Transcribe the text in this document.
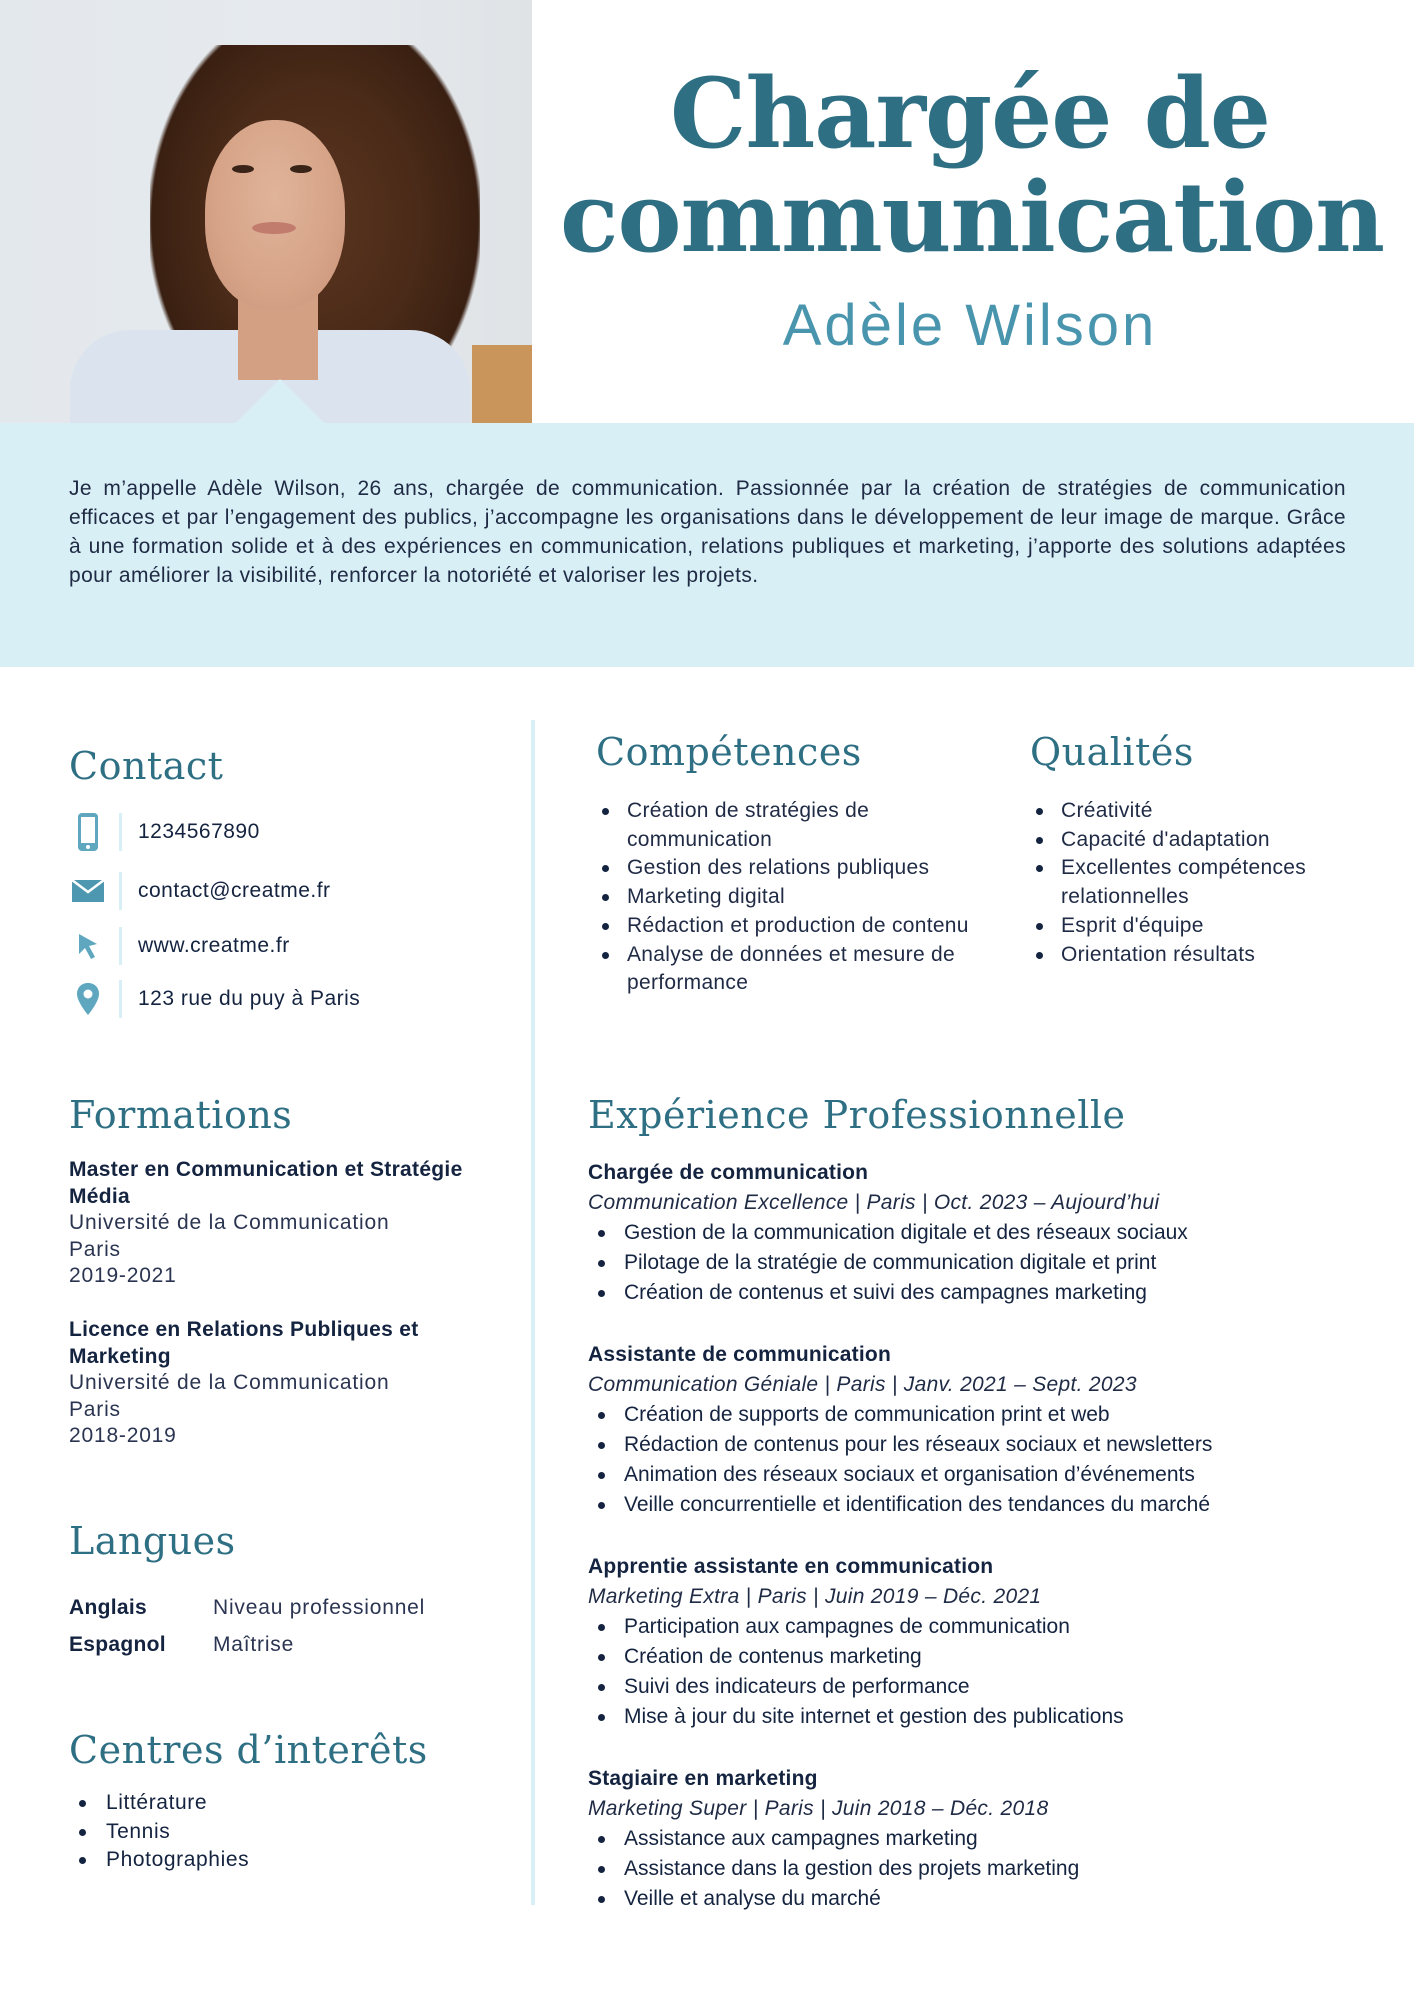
Chargée de
communication
Adèle Wilson

Je m’appelle Adèle Wilson, 26 ans, chargée de communication. Passionnée par la création de stratégies de communication efficaces et par l’engagement des publics, j’accompagne les organisations dans le développement de leur image de marque. Grâce à une formation solide et à des expériences en communication, relations publiques et marketing, j’apporte des solutions adaptées pour améliorer la visibilité, renforcer la notoriété et valoriser les projets.

Contact
1234567890
contact@creatme.fr
www.creatme.fr
123 rue du puy à Paris
Compétences
Création de stratégies de communication
Gestion des relations publiques
Marketing digital
Rédaction et production de contenu
Analyse de données et mesure de performance
Qualités
Créativité
Capacité d'adaptation
Excellentes compétences relationnelles
Esprit d'équipe
Orientation résultats
Formations
Master en Communication et Stratégie Média
Université de la Communication
Paris
2019-2021
Licence en Relations Publiques et Marketing
Université de la Communication
Paris
2018-2019
Langues
Anglais	Niveau professionnel
Espagnol	Maîtrise
Centres d’interêts
Littérature
Tennis
Photographies
Expérience Professionnelle
Chargée de communication
Communication Excellence | Paris | Oct. 2023 – Aujourd’hui
Gestion de la communication digitale et des réseaux sociaux
Pilotage de la stratégie de communication digitale et print
Création de contenus et suivi des campagnes marketing
Assistante de communication
Communication Géniale | Paris | Janv. 2021 – Sept. 2023
Création de supports de communication print et web
Rédaction de contenus pour les réseaux sociaux et newsletters
Animation des réseaux sociaux et organisation d’événements
Veille concurrentielle et identification des tendances du marché
Apprentie assistante en communication
Marketing Extra | Paris | Juin 2019 – Déc. 2021
Participation aux campagnes de communication
Création de contenus marketing
Suivi des indicateurs de performance
Mise à jour du site internet et gestion des publications
Stagiaire en marketing
Marketing Super | Paris | Juin 2018 – Déc. 2018
Assistance aux campagnes marketing
Assistance dans la gestion des projets marketing
Veille et analyse du marché
